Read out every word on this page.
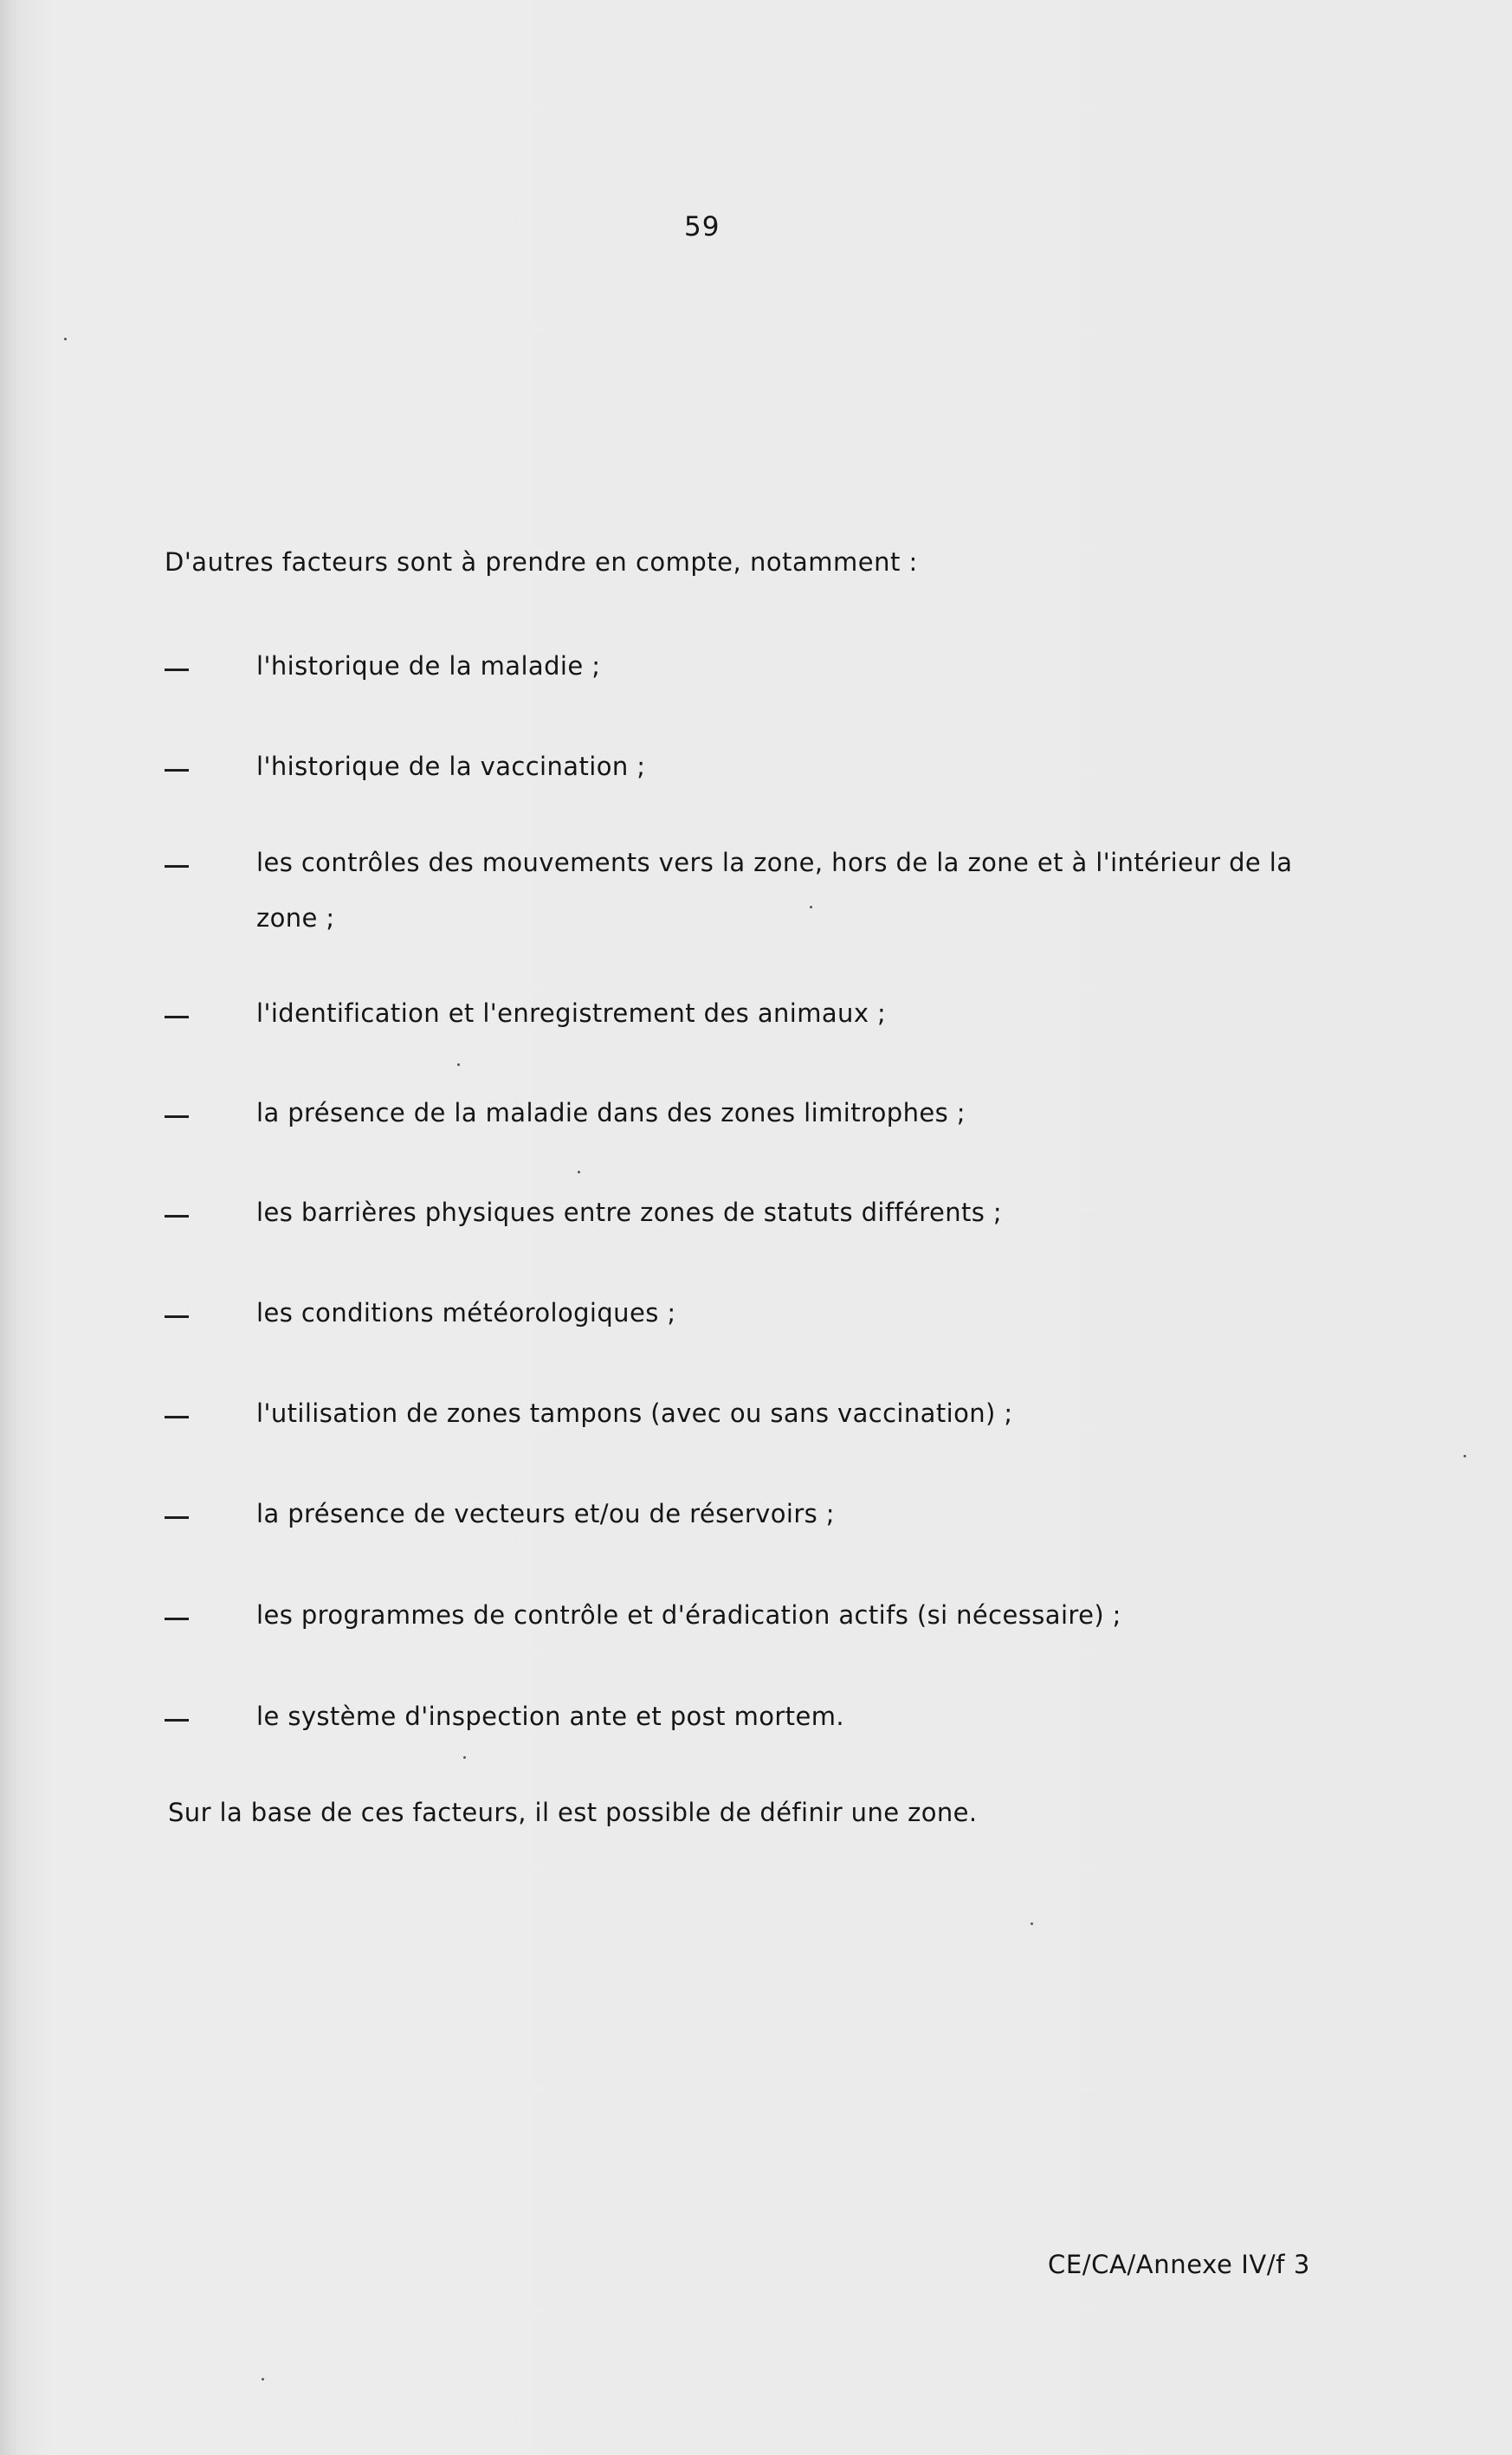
59
D'autres facteurs sont à prendre en compte, notamment :
l'historique de la maladie ;
l'historique de la vaccination ;
les contrôles des mouvements vers la zone, hors de la zone et à l'intérieur de la zone ;
l'identification et l'enregistrement des animaux ;
la présence de la maladie dans des zones limitrophes ;
les barrières physiques entre zones de statuts différents ;
les conditions météorologiques ;
l'utilisation de zones tampons (avec ou sans vaccination) ;
la présence de vecteurs et/ou de réservoirs ;
les programmes de contrôle et d'éradication actifs (si nécessaire) ;
le système d'inspection ante et post mortem.
Sur la base de ces facteurs, il est possible de définir une zone.
CE/CA/Annexe IV/f 3
